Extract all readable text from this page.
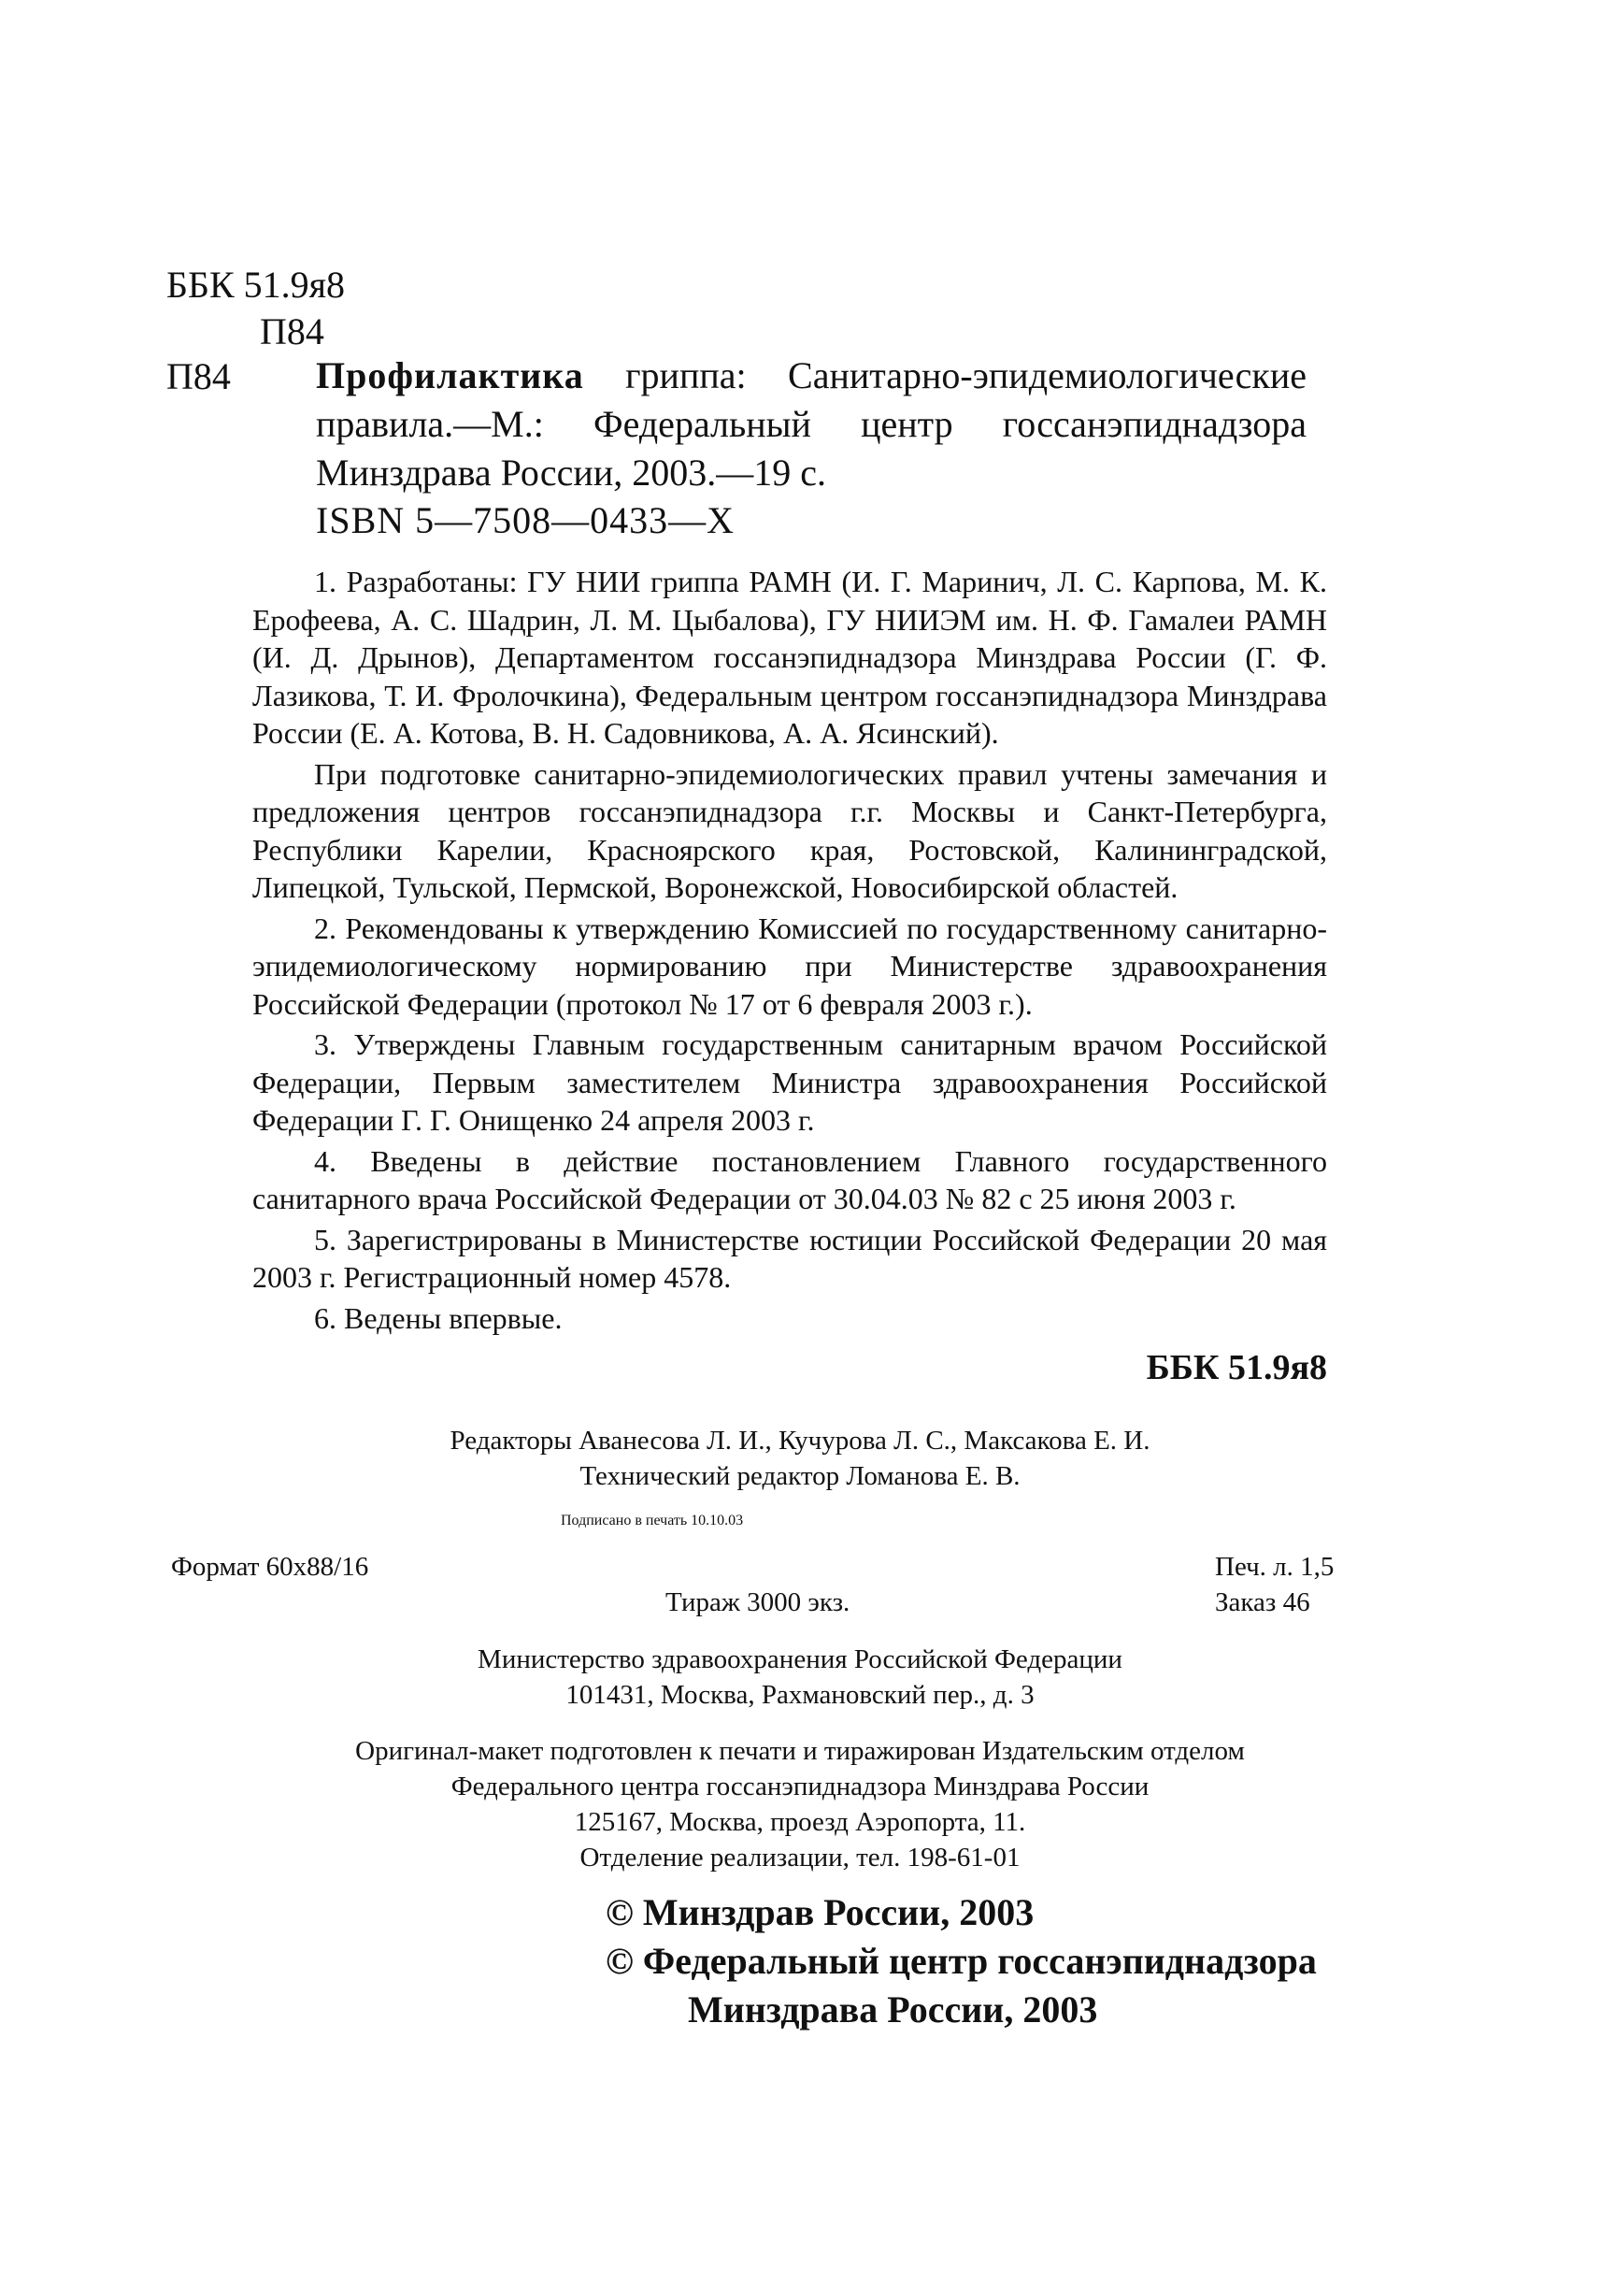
ББК 51.9я8
П84
П84 Профилактика гриппа: Санитарно-эпидемиологические правила.—М.: Федеральный центр госсанэпиднадзора Минздрава России, 2003.—19 с.
ISBN 5—7508—0433—X

1. Разработаны: ГУ НИИ гриппа РАМН (И. Г. Маринич, Л. С. Карпова, М. К. Ерофеева, А. С. Шадрин, Л. М. Цыбалова), ГУ НИИЭМ им. Н. Ф. Гамалеи РАМН (И. Д. Дрынов), Департаментом госсанэпиднадзора Минздрава России (Г. Ф. Лазикова, Т. И. Фролочкина), Федеральным центром госсанэпиднадзора Минздрава России (Е. А. Котова, В. Н. Садовникова, А. А. Ясинский).

При подготовке санитарно-эпидемиологических правил учтены замечания и предложения центров госсанэпиднадзора г.г. Москвы и Санкт-Петербурга, Республики Карелии, Красноярского края, Ростовской, Калининградской, Липецкой, Тульской, Пермской, Воронежской, Новосибирской областей.

2. Рекомендованы к утверждению Комиссией по государственному санитарно-эпидемиологическому нормированию при Министерстве здравоохранения Российской Федерации (протокол № 17 от 6 февраля 2003 г.).

3. Утверждены Главным государственным санитарным врачом Российской Федерации, Первым заместителем Министра здравоохранения Российской Федерации Г. Г. Онищенко 24 апреля 2003 г.

4. Введены в действие постановлением Главного государственного санитарного врача Российской Федерации от 30.04.03 № 82 с 25 июня 2003 г.

5. Зарегистрированы в Министерстве юстиции Российской Федерации 20 мая 2003 г. Регистрационный номер 4578.

6. Ведены впервые.

ББК 51.9я8
Редакторы Аванесова Л. И., Кучурова Л. С., Максакова Е. И.
Технический редактор Ломанова Е. В.
Подписано в печать 10.10.03
Формат 60x88/16	Печ. л. 1,5
Тираж 3000 экз.	Заказ 46
Министерство здравоохранения Российской Федерации
101431, Москва, Рахмановский пер., д. 3
Оригинал-макет подготовлен к печати и тиражирован Издательским отделом
Федерального центра госсанэпиднадзора Минздрава России
125167, Москва, проезд Аэропорта, 11.
Отделение реализации, тел. 198-61-01
© Минздрав России, 2003
© Федеральный центр госсанэпиднадзора
Минздрава России, 2003
